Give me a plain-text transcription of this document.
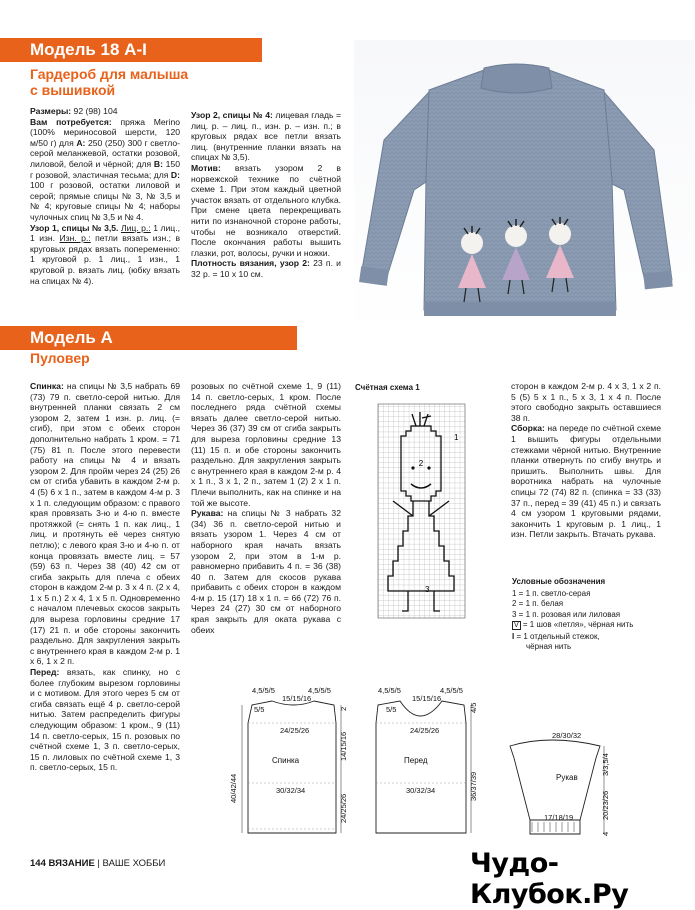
Модель 18 А-I
Гардероб для малыша
с вышивкой

Размеры: 92 (98) 104

Вам потребуется: пряжа Merino (100% мериносовой шерсти, 120 м/50 г) для А: 250 (250) 300 г светло-серой меланжевой, остатки розовой, лиловой, белой и чёрной; для В: 150 г розовой, эластичная тесьма; для D: 100 г розовой, остатки лиловой и серой; прямые спицы № 3, № 3,5 и № 4; круговые спицы № 4; наборы чулочных спиц № 3,5 и № 4.

Узор 1, спицы № 3,5. Лиц. р.: 1 лиц., 1 изн. Изн. р.: петли вязать изн.; в круговых рядах вязать попеременно: 1 круговой р. 1 лиц., 1 изн., 1 круговой р. вязать лиц. (юбку вязать на спицах № 4).

Узор 2, спицы № 4: лицевая гладь = лиц. р. – лиц. п., изн. р. – изн. п.; в круговых рядах все петли вязать лиц. (внутренние планки вязать на спицах № 3,5).

Мотив: вязать узором 2 в норвежской технике по счётной схеме 1. При этом каждый цветной участок вязать от отдельного клубка. При смене цвета перекрещивать нити по изнаночной стороне работы, чтобы не возникало отверстий. После окончания работы вышить глазки, рот, волосы, ручки и ножки.

Плотность вязания, узор 2: 23 п. и 32 р. = 10 х 10 см.

Модель А
Пуловер

Спинка: на спицы № 3,5 набрать 69 (73) 79 п. светло-серой нитью. Для внутренней планки связать 2 см узором 2, затем 1 изн. р. лиц. (= сгиб), при этом с обеих сторон дополнительно набрать 1 кром. = 71 (75) 81 п. После этого перевести работу на спицы № 4 и вязать узором 2. Для пройм через 24 (25) 26 см от сгиба убавить в каждом 2-м р. 4 (5) 6 х 1 п., затем в каждом 4-м р. 3 х 1 п. следующим образом: с правого края провязать 3-ю и 4-ю п. вместе протяжкой (= снять 1 п. как лиц., 1 лиц. и протянуть её через снятую петлю); с левого края 3-ю и 4-ю п. от конца провязать вместе лиц. = 57 (59) 63 п. Через 38 (40) 42 см от сгиба закрыть для плеча с обеих сторон в каждом 2-м р. 3 х 4 п. (2 х 4, 1 х 5 п.) 2 х 4, 1 х 5 п. Одновременно с началом плечевых скосов закрыть для выреза горловины средние 17 (17) 21 п. и обе стороны закончить раздельно. Для закругления закрыть с внутреннего края в каждом 2-м р. 1 х 6, 1 х 2 п.

Перед: вязать, как спинку, но с более глубоким вырезом горловины и с мотивом. Для этого через 5 см от сгиба связать ещё 4 р. светло-серой нитью. Затем распределить фигуры следующим образом: 1 кром., 9 (11) 14 п. светло-серых, 15 п. розовых по счётной схеме 1, 3 п. светло-серых, 15 п. лиловых по счётной схеме 1, 3 п. светло-серых, 15 п.

розовых по счётной схеме 1, 9 (11) 14 п. светло-серых, 1 кром. После последнего ряда счётной схемы вязать далее светло-серой нитью. Через 36 (37) 39 см от сгиба закрыть для выреза горловины средние 13 (11) 15 п. и обе стороны закончить раздельно. Для закругления закрыть с внутреннего края в каждом 2-м р. 4 х 1 п., 3 х 1, 2 п., затем 1 (2) 2 х 1 п. Плечи выполнить, как на спинке и на той же высоте.

Рукава: на спицы № 3 набрать 32 (34) 36 п. светло-серой нитью и вязать узором 1. Через 4 см от наборного края начать вязать узором 2, при этом в 1-м р. равномерно прибавить 4 п. = 36 (38) 40 п. Затем для скосов рукава прибавить с обеих сторон в каждом 4-м р. 15 (17) 18 х 1 п. = 66 (72) 76 п. Через 24 (27) 30 см от наборного края закрыть для оката рукава с обеих

Счётная схема 1
1
2
3

сторон в каждом 2-м р. 4 х 3, 1 х 2 п. 5 (5) 5 х 1 п., 5 х 3, 1 х 4 п. После этого свободно закрыть оставшиеся 38 п.

Сборка: на переде по счётной схеме 1 вышить фигуры отдельными стежками чёрной нитью. Внутренние планки отвернуть по сгибу внутрь и пришить. Выполнить швы. Для воротника набрать на чулочные спицы 72 (74) 82 п. (спинка = 33 (33) 37 п., перед = 39 (41) 45 п.) и связать 4 см узором 1 круговыми рядами, закончить 1 круговым р. 1 лиц., 1 изн. Петли закрыть. Втачать рукава.

Условные обозначения
1 = 1 п. светло-серая
2 = 1 п. белая
3 = 1 п. розовая или лиловая
V = 1 шов «петля», чёрная нить
I = 1 отдельный стежок,
чёрная нить
4,5/5/5
15/15/16
4,5/5/5
5/5
24/25/26
Спинка
30/32/34
40/42/44
2
14/15/16
24/25/26
4,5/5/5
15/15/16
4,5/5/5
5/5
24/25/26
Перед
30/32/34	36/37/39
4/5
28/30/32
Рукав
17/18/19
3/3,5/4
20/23/26
4
144 ВЯЗАНИЕ | ВАШЕ ХОББИ	Чудо-Клубок.Ру
